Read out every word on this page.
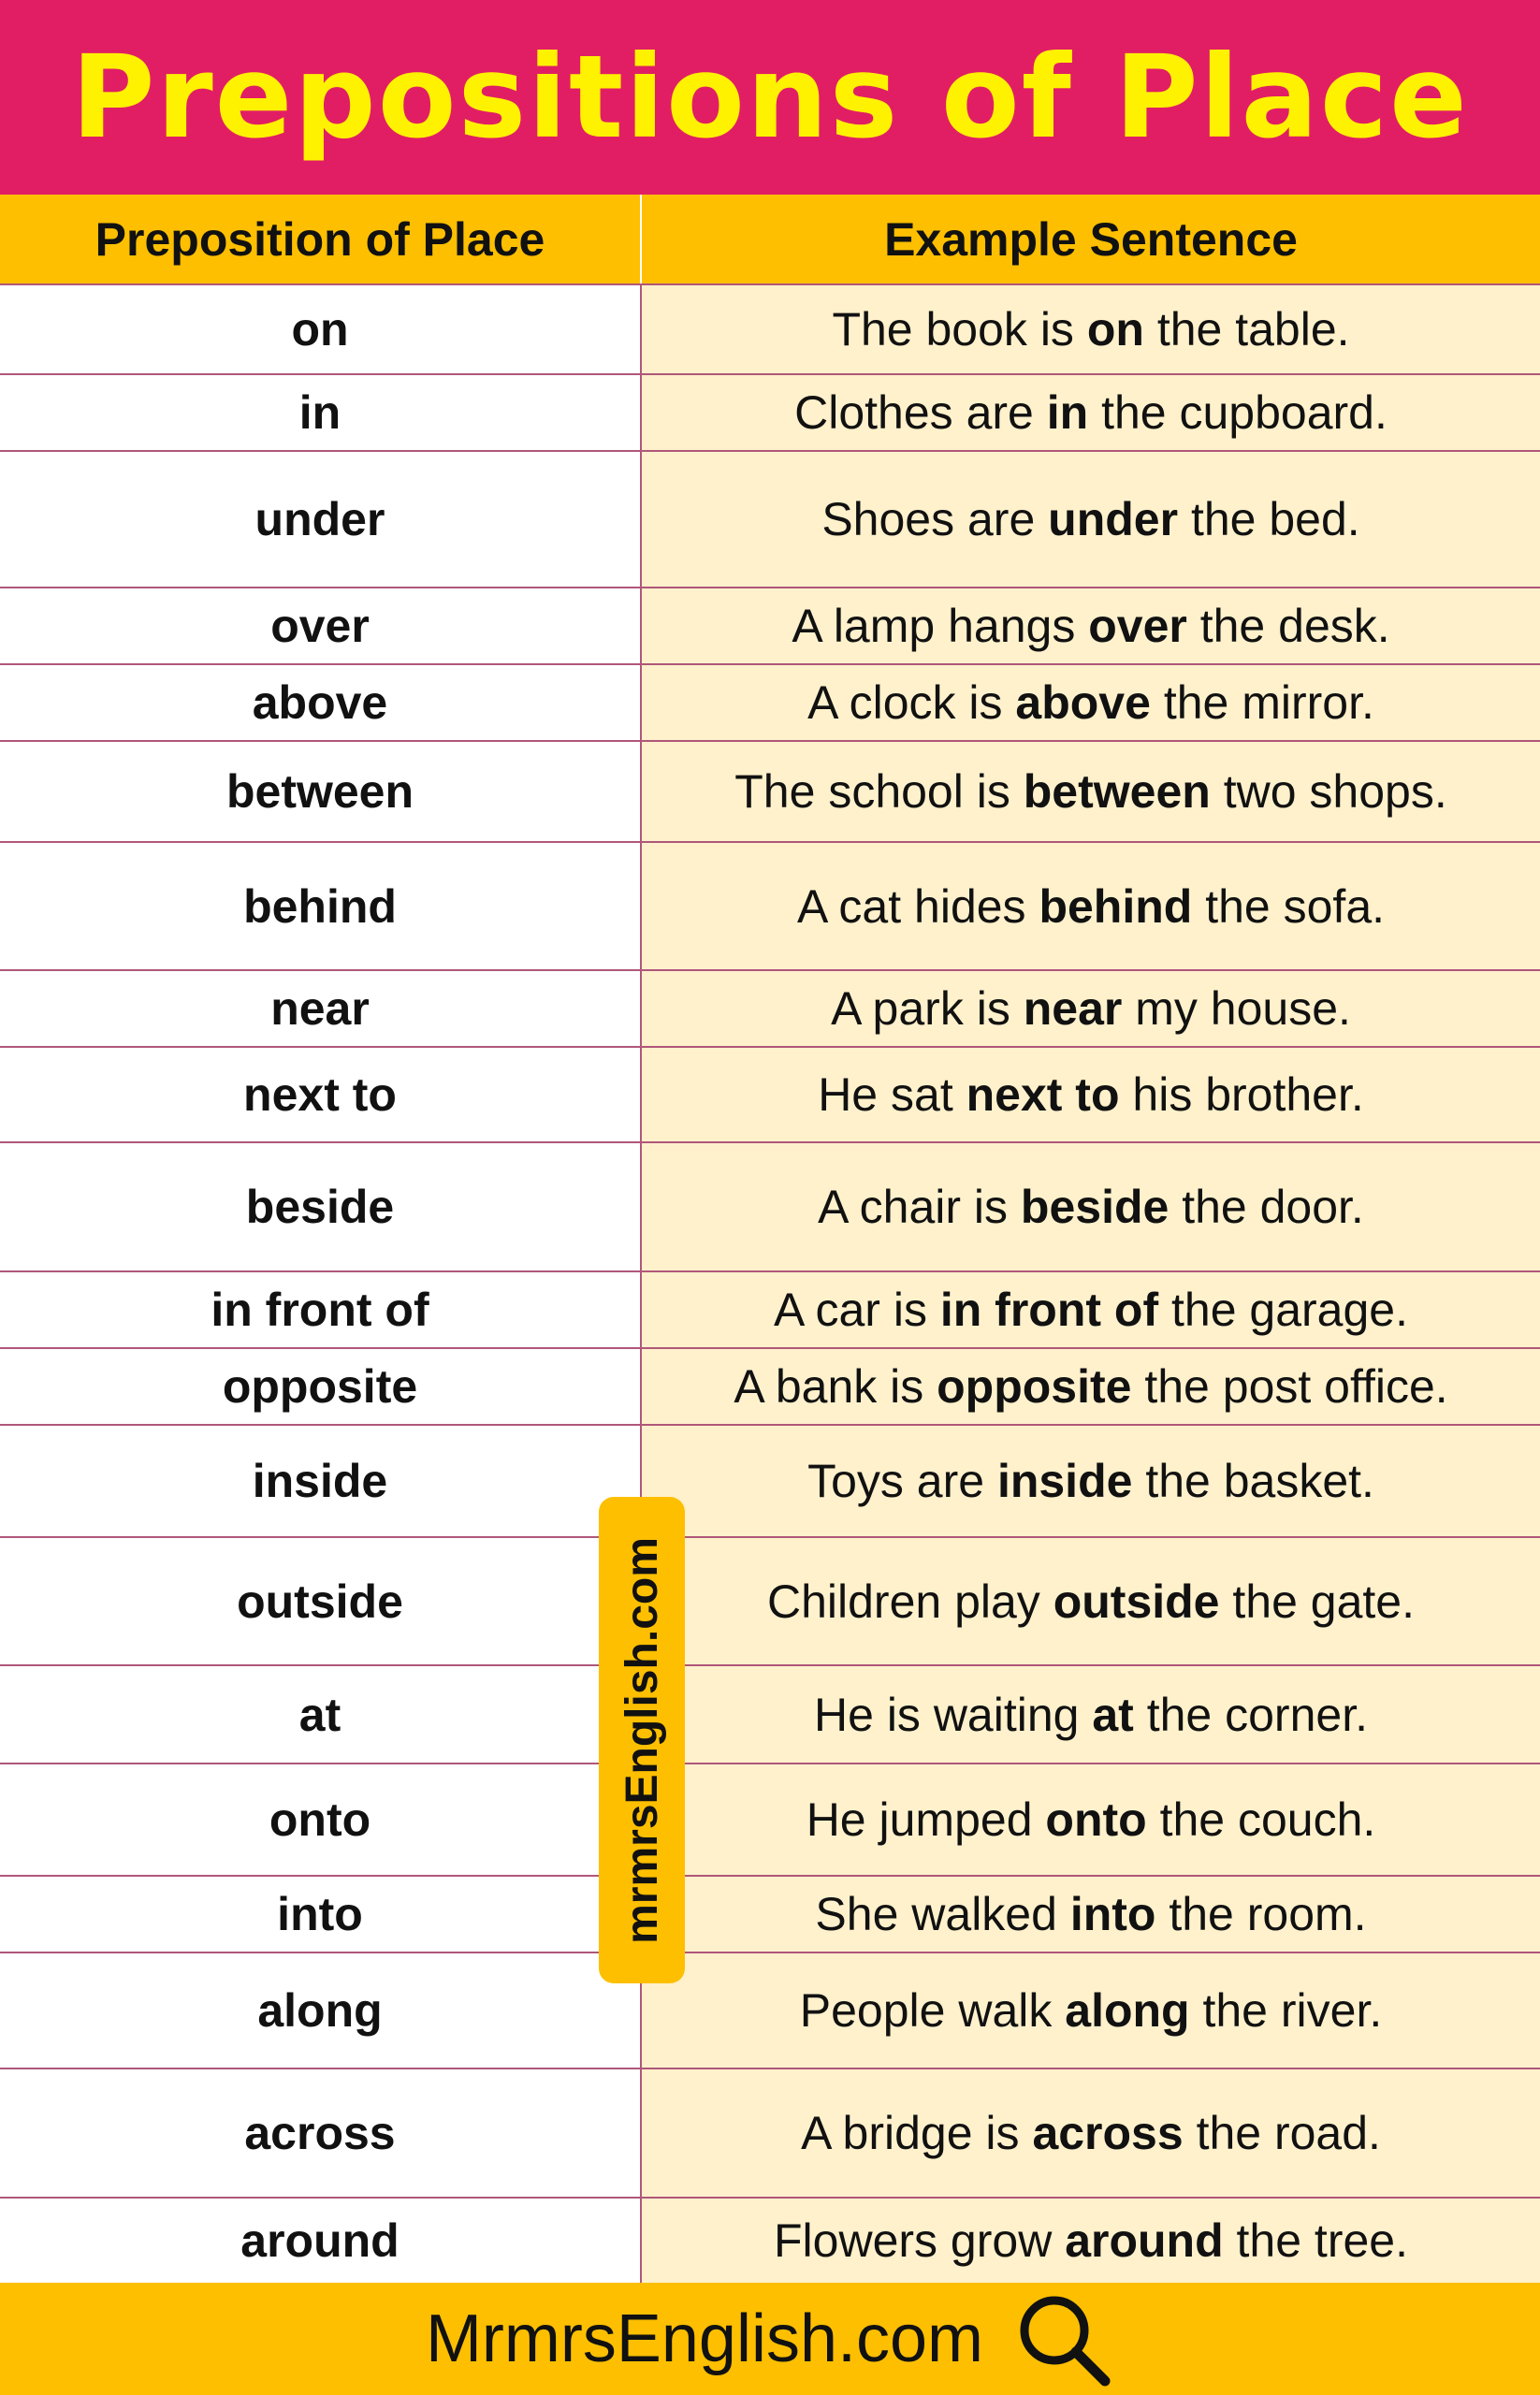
Prepositions of Place
Preposition of Place	Example Sentence
on	The book is on the table.
in	Clothes are in the cupboard.
under	Shoes are under the bed.
over	A lamp hangs over the desk.
above	A clock is above the mirror.
between	The school is between two shops.
behind	A cat hides behind the sofa.
near	A park is near my house.
next to	He sat next to his brother.
beside	A chair is beside the door.
in front of	A car is in front of the garage.
opposite	A bank is opposite the post office.
inside	Toys are inside the basket.
outside	Children play outside the gate.
at	He is waiting at the corner.
onto	He jumped onto the couch.
into	She walked into the room.
along	People walk along the river.
across	A bridge is across the road.
around	Flowers grow around the tree.
mrmrsEnglish.com
MrmrsEnglish.com
